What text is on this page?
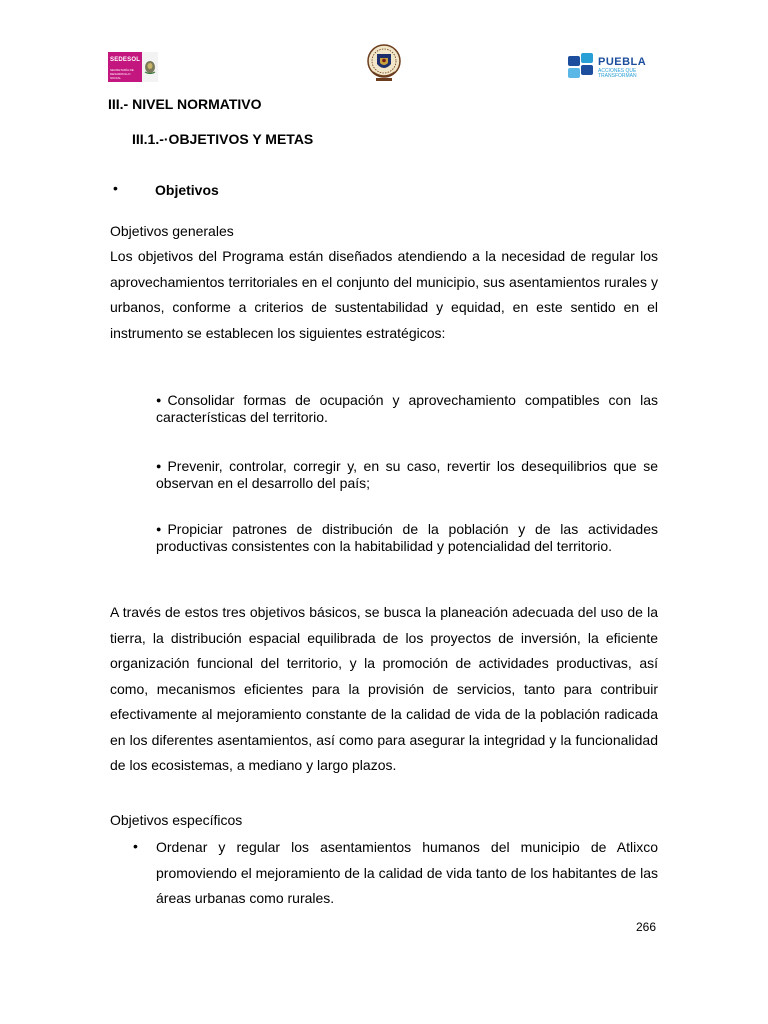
SEDESOL
SECRETARÍA DE DESARROLLO SOCIAL
PUEBLA
ACCIONES QUE TRANSFORMAN
III.- NIVEL NORMATIVO
III.1.-·OBJETIVOS Y METAS
•	Objetivos
Objetivos generales
Los objetivos del Programa están diseñados atendiendo a la necesidad de regular los aprovechamientos territoriales en el conjunto del municipio, sus asentamientos rurales y urbanos, conforme a criterios de sustentabilidad y equidad, en este sentido en el instrumento se establecen los siguientes estratégicos:
● Consolidar formas de ocupación y aprovechamiento compatibles con las características del territorio.
● Prevenir, controlar, corregir y, en su caso, revertir los desequilibrios que se observan en el desarrollo del país;
● Propiciar patrones de distribución de la población y de las actividades productivas consistentes con la habitabilidad y potencialidad del territorio.
A través de estos tres objetivos básicos, se busca la planeación adecuada del uso de la tierra, la distribución espacial equilibrada de los proyectos de inversión, la eficiente organización funcional del territorio, y la promoción de actividades productivas, así como, mecanismos eficientes para la provisión de servicios, tanto para contribuir efectivamente al mejoramiento constante de la calidad de vida de la población radicada en los diferentes asentamientos, así como para asegurar la integridad y la funcionalidad de los ecosistemas, a mediano y largo plazos.
Objetivos específicos
• Ordenar y regular los asentamientos humanos del municipio de Atlixco promoviendo el mejoramiento de la calidad de vida tanto de los habitantes de las áreas urbanas como rurales.
266
